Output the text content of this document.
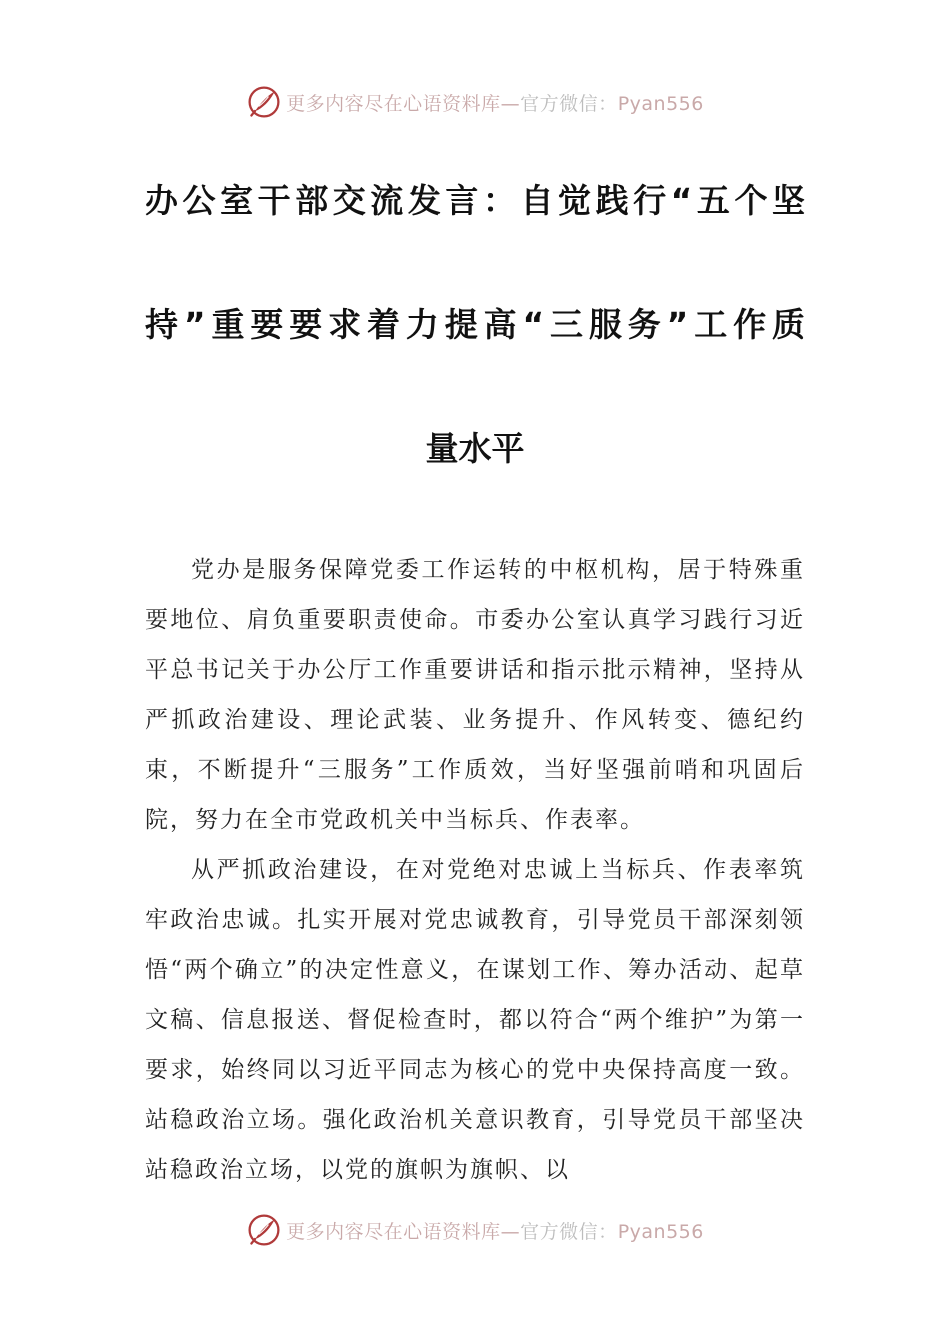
更多内容尽在心语资料库—官方微信：Pyan556
办公室干部交流发言：自觉践行“五个坚
持”重要要求着力提高“三服务”工作质
量水平

党办是服务保障党委工作运转的中枢机构，居于特殊重要地位、肩负重要职责使命。市委办公室认真学习践行习近平总书记关于办公厅工作重要讲话和指示批示精神，坚持从严抓政治建设、理论武装、业务提升、作风转变、德纪约束，不断提升“三服务”工作质效，当好坚强前哨和巩固后院，努力在全市党政机关中当标兵、作表率。

从严抓政治建设，在对党绝对忠诚上当标兵、作表率筑牢政治忠诚。扎实开展对党忠诚教育，引导党员干部深刻领悟“两个确立”的决定性意义，在谋划工作、筹办活动、起草文稿、信息报送、督促检查时，都以符合“两个维护”为第一要求，始终同以习近平同志为核心的党中央保持高度一致。站稳政治立场。强化政治机关意识教育，引导党员干部坚决站稳政治立场，以党的旗帜为旗帜、以

更多内容尽在心语资料库—官方微信：Pyan556
